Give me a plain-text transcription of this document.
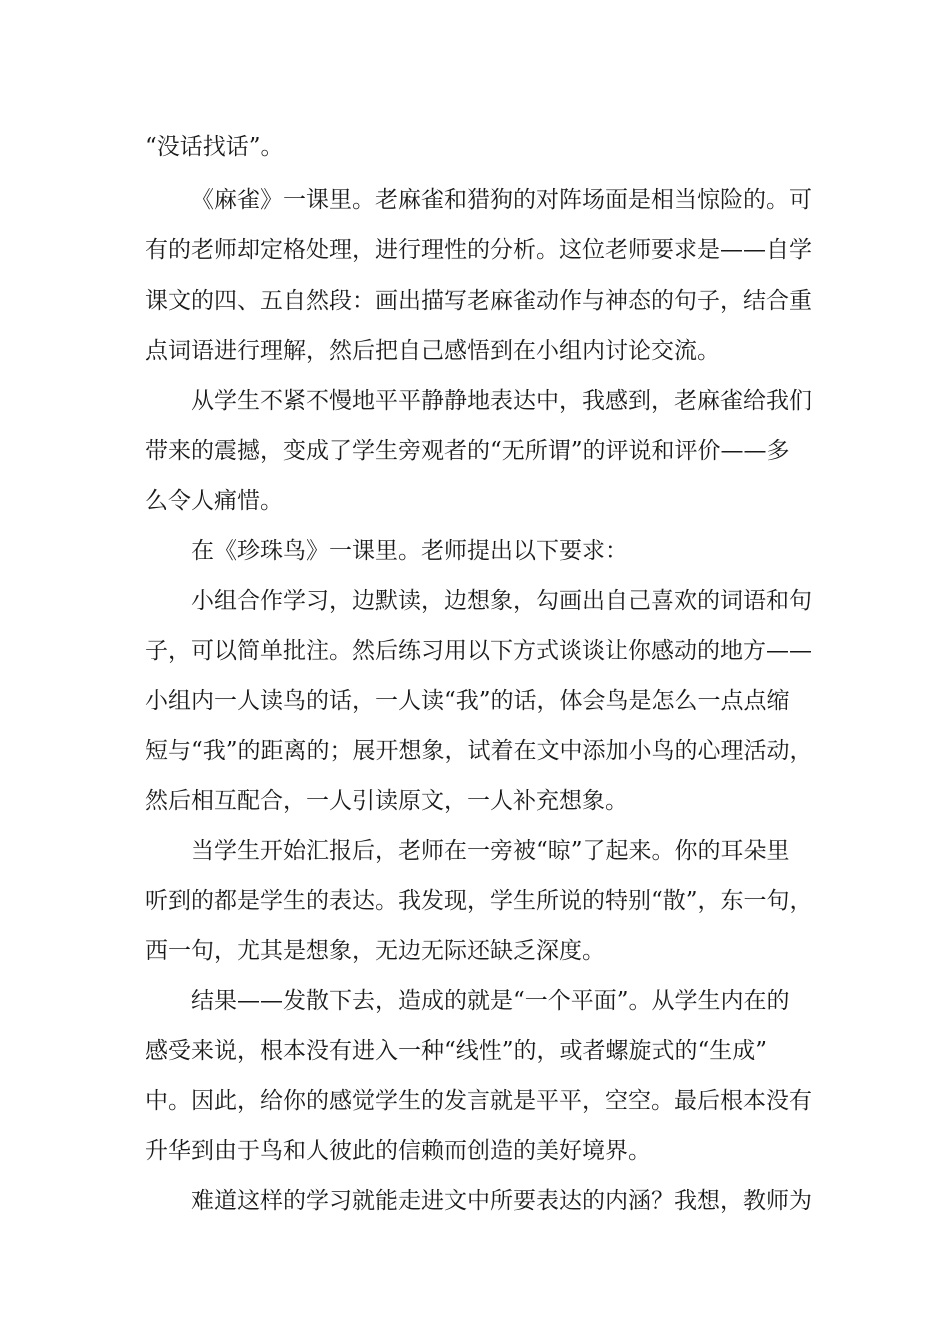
“没话找话”。
《麻雀》一课里。老麻雀和猎狗的对阵场面是相当惊险的。可
有的老师却定格处理，进行理性的分析。这位老师要求是——自学
课文的四、五自然段：画出描写老麻雀动作与神态的句子，结合重
点词语进行理解，然后把自己感悟到在小组内讨论交流。
从学生不紧不慢地平平静静地表达中，我感到，老麻雀给我们
带来的震撼，变成了学生旁观者的“无所谓”的评说和评价——多
么令人痛惜。
在《珍珠鸟》一课里。老师提出以下要求：
小组合作学习，边默读，边想象，勾画出自己喜欢的词语和句
子，可以简单批注。然后练习用以下方式谈谈让你感动的地方——
小组内一人读鸟的话，一人读“我”的话，体会鸟是怎么一点点缩
短与“我”的距离的；展开想象，试着在文中添加小鸟的心理活动，
然后相互配合，一人引读原文，一人补充想象。
当学生开始汇报后，老师在一旁被“晾”了起来。你的耳朵里
听到的都是学生的表达。我发现，学生所说的特别“散”，东一句，
西一句，尤其是想象，无边无际还缺乏深度。
结果——发散下去，造成的就是“一个平面”。从学生内在的
感受来说，根本没有进入一种“线性”的，或者螺旋式的“生成”
中。因此，给你的感觉学生的发言就是平平，空空。最后根本没有
升华到由于鸟和人彼此的信赖而创造的美好境界。
难道这样的学习就能走进文中所要表达的内涵？我想，教师为
